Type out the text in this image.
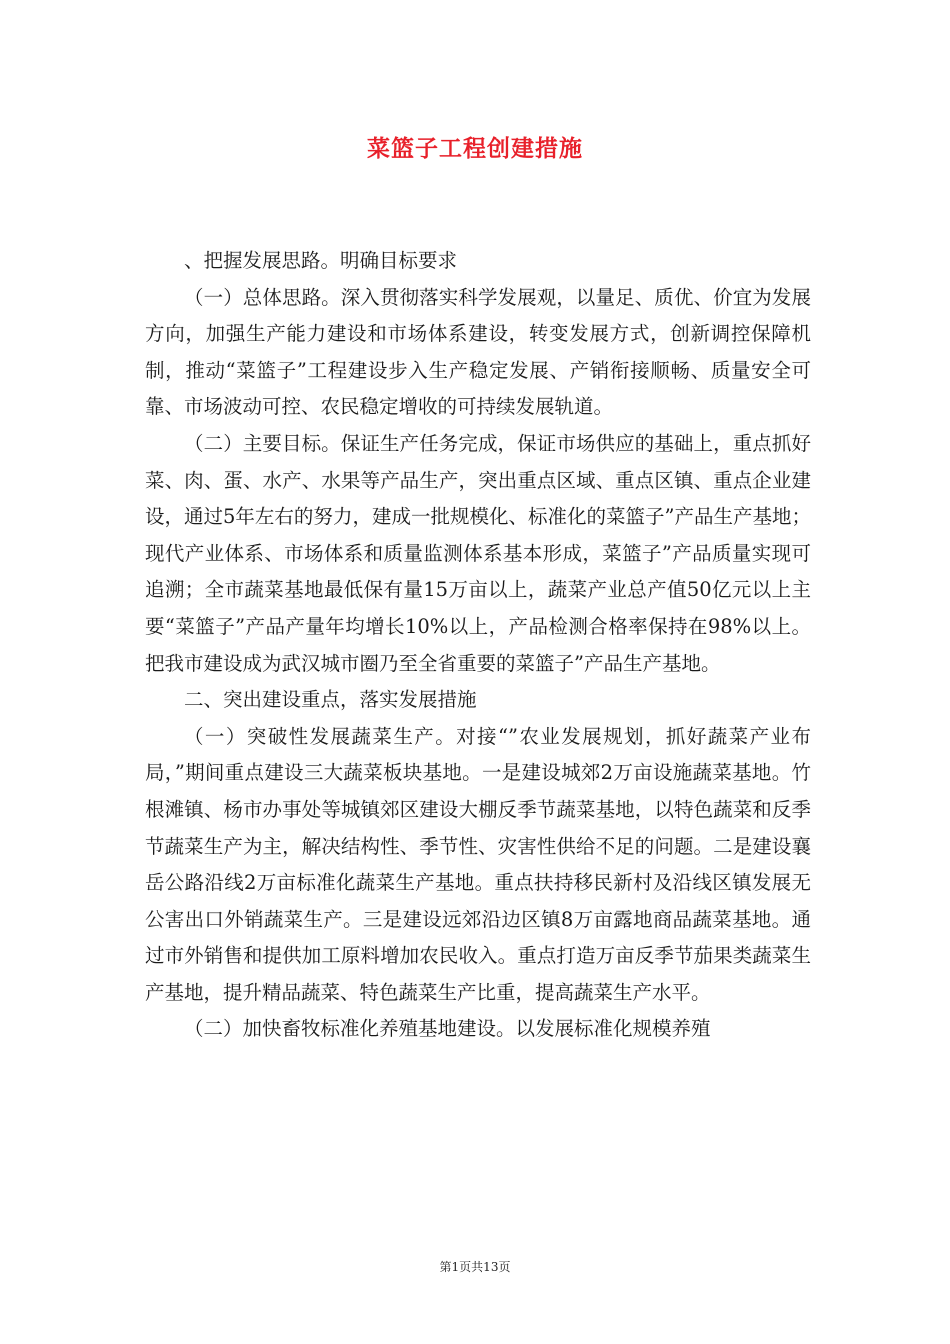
菜篮子工程创建措施

、把握发展思路。明确目标要求

（一）总体思路。深入贯彻落实科学发展观，以量足、质优、价宜为发展方向，加强生产能力建设和市场体系建设，转变发展方式，创新调控保障机制，推动“菜篮子”工程建设步入生产稳定发展、产销衔接顺畅、质量安全可靠、市场波动可控、农民稳定增收的可持续发展轨道。

（二）主要目标。保证生产任务完成，保证市场供应的基础上，重点抓好菜、肉、蛋、水产、水果等产品生产，突出重点区域、重点区镇、重点企业建设，通过5年左右的努力，建成一批规模化、标准化的菜篮子”产品生产基地；现代产业体系、市场体系和质量监测体系基本形成，菜篮子”产品质量实现可追溯；全市蔬菜基地最低保有量15万亩以上，蔬菜产业总产值50亿元以上主要“菜篮子”产品产量年均增长10%以上，产品检测合格率保持在98%以上。把我市建设成为武汉城市圈乃至全省重要的菜篮子”产品生产基地。

二、突出建设重点，落实发展措施

（一）突破性发展蔬菜生产。对接“”农业发展规划，抓好蔬菜产业布局，”期间重点建设三大蔬菜板块基地。一是建设城郊2万亩设施蔬菜基地。竹根滩镇、杨市办事处等城镇郊区建设大棚反季节蔬菜基地，以特色蔬菜和反季节蔬菜生产为主，解决结构性、季节性、灾害性供给不足的问题。二是建设襄岳公路沿线2万亩标准化蔬菜生产基地。重点扶持移民新村及沿线区镇发展无公害出口外销蔬菜生产。三是建设远郊沿边区镇8万亩露地商品蔬菜基地。通过市外销售和提供加工原料增加农民收入。重点打造万亩反季节茄果类蔬菜生产基地，提升精品蔬菜、特色蔬菜生产比重，提高蔬菜生产水平。

（二）加快畜牧标准化养殖基地建设。以发展标准化规模养殖

第1页共13页
